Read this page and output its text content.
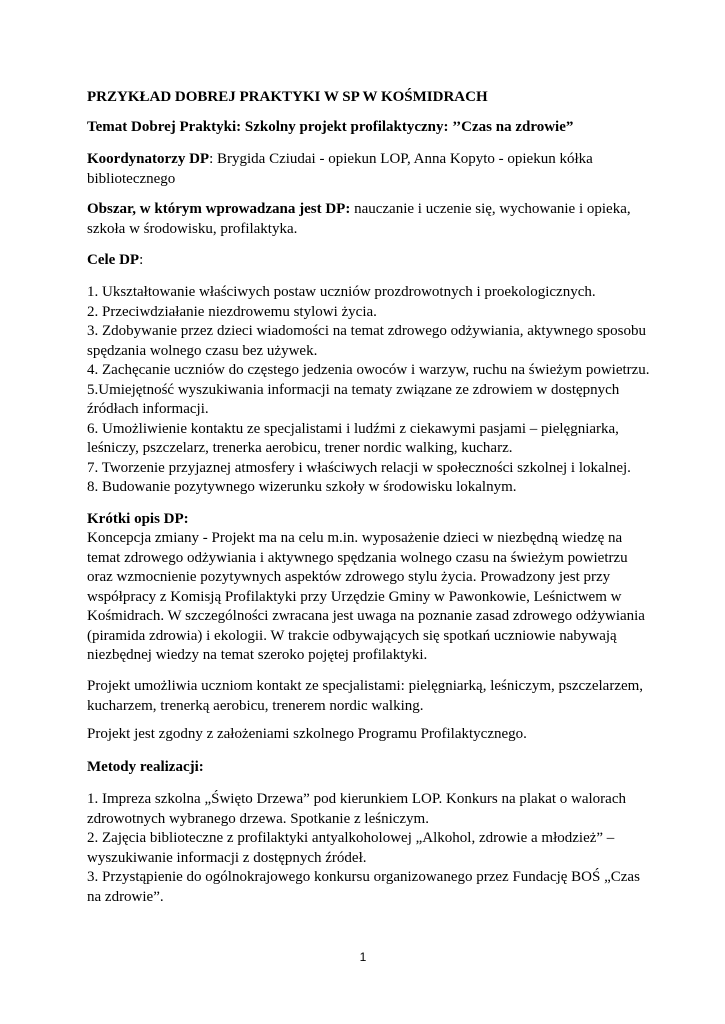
PRZYKŁAD DOBREJ PRAKTYKI W SP W KOŚMIDRACH

Temat Dobrej Praktyki: Szkolny projekt profilaktyczny: ’’Czas na zdrowie”

Koordynatorzy DP: Brygida Cziudai - opiekun LOP, Anna Kopyto - opiekun kółka
bibliotecznego

Obszar, w którym wprowadzana jest DP: nauczanie i uczenie się, wychowanie i opieka,
szkoła w środowisku, profilaktyka.

Cele DP:

1. Ukształtowanie właściwych postaw uczniów prozdrowotnych i proekologicznych.
2. Przeciwdziałanie niezdrowemu stylowi życia.
3. Zdobywanie przez dzieci wiadomości na temat zdrowego odżywiania, aktywnego sposobu
spędzania wolnego czasu bez używek.
4. Zachęcanie uczniów do częstego jedzenia owoców i warzyw, ruchu na świeżym powietrzu.
5.Umiejętność wyszukiwania informacji na tematy związane ze zdrowiem w dostępnych
źródłach informacji.
6. Umożliwienie kontaktu ze specjalistami i ludźmi z ciekawymi pasjami – pielęgniarka,
leśniczy, pszczelarz, trenerka aerobicu, trener nordic walking, kucharz.
7. Tworzenie przyjaznej atmosfery i właściwych relacji w społeczności szkolnej i lokalnej.
8. Budowanie pozytywnego wizerunku szkoły w środowisku lokalnym.

Krótki opis DP:

Koncepcja zmiany - Projekt ma na celu m.in. wyposażenie dzieci w niezbędną wiedzę na
temat zdrowego odżywiania i aktywnego spędzania wolnego czasu na świeżym powietrzu
oraz wzmocnienie pozytywnych aspektów zdrowego stylu życia. Prowadzony jest przy
współpracy z Komisją Profilaktyki przy Urzędzie Gminy w Pawonkowie, Leśnictwem w
Kośmidrach. W szczególności zwracana jest uwaga na poznanie zasad zdrowego odżywiania
(piramida zdrowia) i ekologii. W trakcie odbywających się spotkań uczniowie nabywają
niezbędnej wiedzy na temat szeroko pojętej profilaktyki.

Projekt umożliwia uczniom kontakt ze specjalistami: pielęgniarką, leśniczym, pszczelarzem,
kucharzem, trenerką aerobicu, trenerem nordic walking.

Projekt jest zgodny z założeniami szkolnego Programu Profilaktycznego.

Metody realizacji:

1. Impreza szkolna „Święto Drzewa” pod kierunkiem LOP. Konkurs na plakat o walorach
zdrowotnych wybranego drzewa. Spotkanie z leśniczym.
2. Zajęcia biblioteczne z profilaktyki antyalkoholowej „Alkohol, zdrowie a młodzież” –
wyszukiwanie informacji z dostępnych źródeł.
3. Przystąpienie do ogólnokrajowego konkursu organizowanego przez Fundację BOŚ „Czas
na zdrowie”.

1
